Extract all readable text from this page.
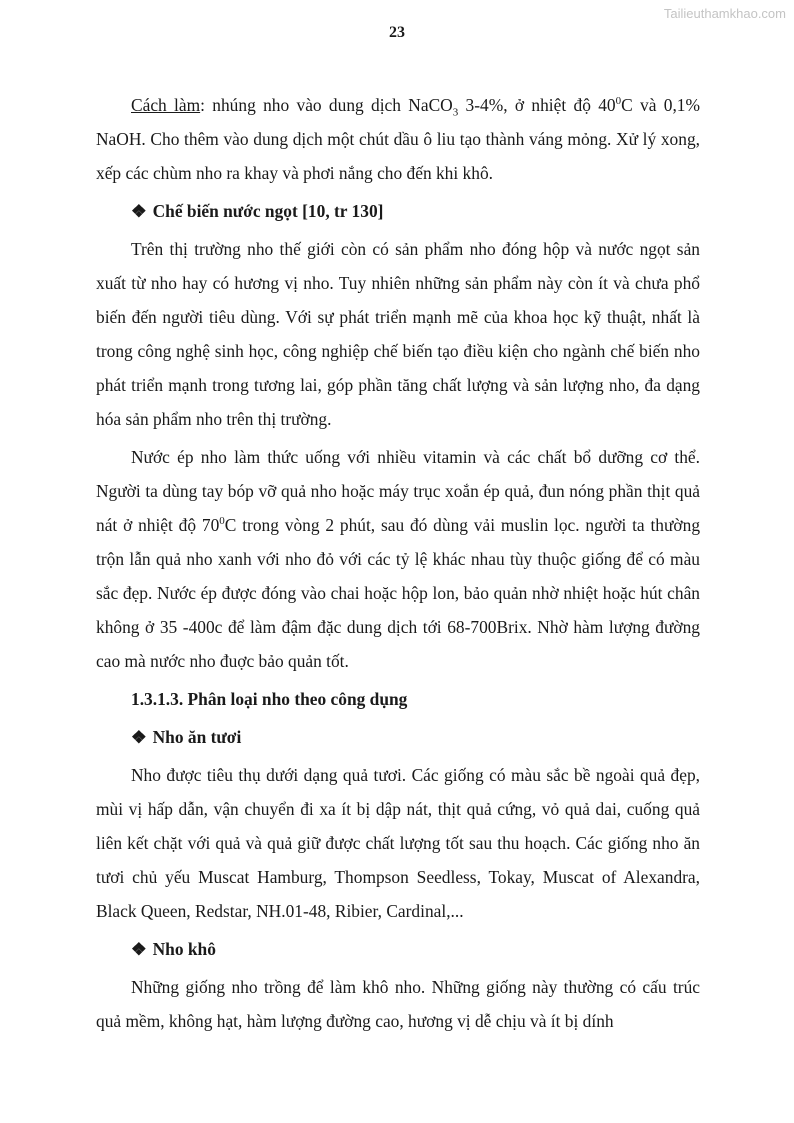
Tailieuthamkhao.com
23

Cách làm: nhúng nho vào dung dịch NaCO$_3$ 3-4%, ở nhiệt độ $40^0C$ và 0,1% NaOH. Cho thêm vào dung dịch một chút dầu ô liu tạo thành váng mỏng. Xử lý xong, xếp các chùm nho ra khay và phơi nắng cho đến khi khô.

❖ Chế biến nước ngọt [10, tr 130]

Trên thị trường nho thế giới còn có sản phẩm nho đóng hộp và nước ngọt sản xuất từ nho hay có hương vị nho. Tuy nhiên những sản phẩm này còn ít và chưa phổ biến đến người tiêu dùng. Với sự phát triển mạnh mẽ của khoa học kỹ thuật, nhất là trong công nghệ sinh học, công nghiệp chế biến tạo điều kiện cho ngành chế biến nho phát triển mạnh trong tương lai, góp phần tăng chất lượng và sản lượng nho, đa dạng hóa sản phẩm nho trên thị trường.

Nước ép nho làm thức uống với nhiều vitamin và các chất bổ dưỡng cơ thể. Người ta dùng tay bóp vỡ quả nho hoặc máy trục xoắn ép quả, đun nóng phần thịt quả nát ở nhiệt độ $70^0C$ trong vòng 2 phút, sau đó dùng vải muslin lọc. người ta thường trộn lẫn quả nho xanh với nho đỏ với các tỷ lệ khác nhau tùy thuộc giống để có màu sắc đẹp. Nước ép được đóng vào chai hoặc hộp lon, bảo quản nhờ nhiệt hoặc hút chân không ở 35 -400c để làm đậm đặc dung dịch tới 68-700Brix. Nhờ hàm lượng đường cao mà nước nho đuợc bảo quản tốt.

1.3.1.3. Phân loại nho theo công dụng

❖ Nho ăn tươi

Nho được tiêu thụ dưới dạng quả tươi. Các giống có màu sắc bề ngoài quả đẹp, mùi vị hấp dẫn, vận chuyển đi xa ít bị dập nát, thịt quả cứng, vỏ quả dai, cuống quả liên kết chặt với quả và quả giữ được chất lượng tốt sau thu hoạch. Các giống nho ăn tươi chủ yếu Muscat Hamburg, Thompson Seedless, Tokay, Muscat of Alexandra, Black Queen, Redstar, NH.01-48, Ribier, Cardinal,...

❖ Nho khô

Những giống nho trồng để làm khô nho. Những giống này thường có cấu trúc quả mềm, không hạt, hàm lượng đường cao, hương vị dễ chịu và ít bị dính
